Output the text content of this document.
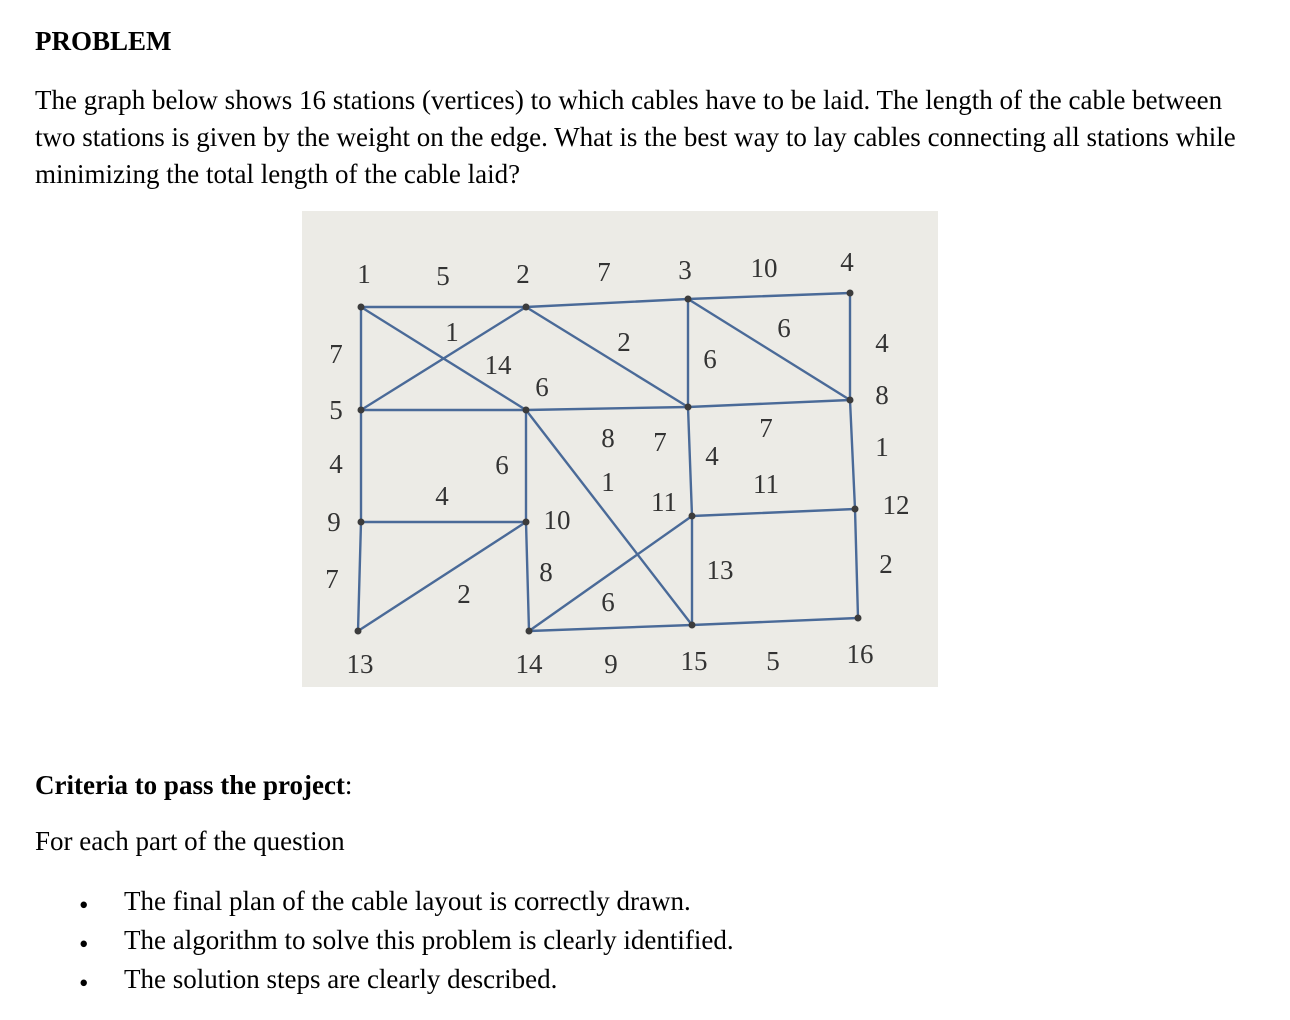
PROBLEM

The graph below shows 16 stations (vertices) to which cables have to be laid. The length of the cable between two stations is given by the weight on the edge. What is the best way to lay cables connecting all stations while minimizing the total length of the cable laid?

1	2	3	4
5
6
7
8
9	10
11	12
13	14	15	16
5	7	10
7
1
14
2
6
4
4
6
4
6
8	7
1	11
4	1
7	2
8
6
13	2
9	5

Criteria to pass the project:

For each part of the question

• The final plan of the cable layout is correctly drawn.
• The algorithm to solve this problem is clearly identified.
• The solution steps are clearly described.
